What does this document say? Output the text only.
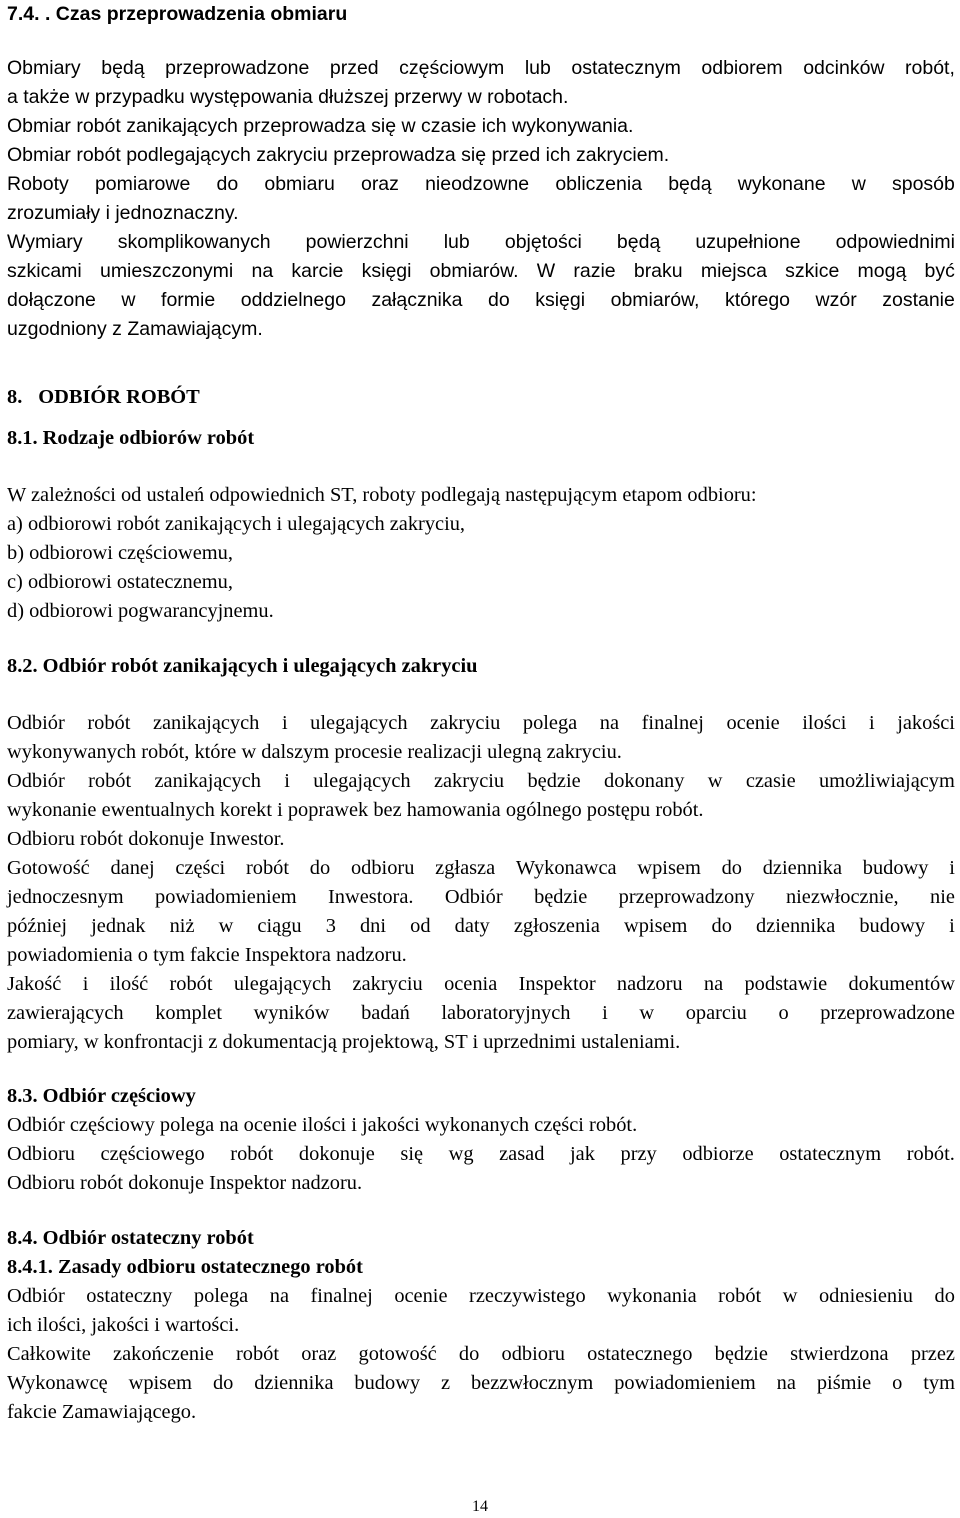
7.4. . Czas przeprowadzenia obmiaru
Obmiary będą przeprowadzone przed częściowym lub ostatecznym odbiorem odcinków robót,
a także w przypadku występowania dłuższej przerwy w robotach.
Obmiar robót zanikających przeprowadza się w czasie ich wykonywania.
Obmiar robót podlegających zakryciu przeprowadza się przed ich zakryciem.
Roboty pomiarowe do obmiaru oraz nieodzowne obliczenia będą wykonane w sposób
zrozumiały i jednoznaczny.
Wymiary skomplikowanych powierzchni lub objętości będą uzupełnione odpowiednimi
szkicami umieszczonymi na karcie księgi obmiarów. W razie braku miejsca szkice mogą być
dołączone w formie oddzielnego załącznika do księgi obmiarów, którego wzór zostanie
uzgodniony z Zamawiającym.
8. ODBIÓR ROBÓT
8.1. Rodzaje odbiorów robót
W zależności od ustaleń odpowiednich ST, roboty podlegają następującym etapom odbioru:
a) odbiorowi robót zanikających i ulegających zakryciu,
b) odbiorowi częściowemu,
c) odbiorowi ostatecznemu,
d) odbiorowi pogwarancyjnemu.
8.2. Odbiór robót zanikających i ulegających zakryciu
Odbiór robót zanikających i ulegających zakryciu polega na finalnej ocenie ilości i jakości
wykonywanych robót, które w dalszym procesie realizacji ulegną zakryciu.
Odbiór robót zanikających i ulegających zakryciu będzie dokonany w czasie umożliwiającym
wykonanie ewentualnych korekt i poprawek bez hamowania ogólnego postępu robót.
Odbioru robót dokonuje Inwestor.
Gotowość danej części robót do odbioru zgłasza Wykonawca wpisem do dziennika budowy i
jednoczesnym powiadomieniem Inwestora. Odbiór będzie przeprowadzony niezwłocznie, nie
później jednak niż w ciągu 3 dni od daty zgłoszenia wpisem do dziennika budowy i
powiadomienia o tym fakcie Inspektora nadzoru.
Jakość i ilość robót ulegających zakryciu ocenia Inspektor nadzoru na podstawie dokumentów
zawierających komplet wyników badań laboratoryjnych i w oparciu o przeprowadzone
pomiary, w konfrontacji z dokumentacją projektową, ST i uprzednimi ustaleniami.
8.3. Odbiór częściowy
Odbiór częściowy polega na ocenie ilości i jakości wykonanych części robót.
Odbioru częściowego robót dokonuje się wg zasad jak przy odbiorze ostatecznym robót.
Odbioru robót dokonuje Inspektor nadzoru.
8.4. Odbiór ostateczny robót
8.4.1. Zasady odbioru ostatecznego robót
Odbiór ostateczny polega na finalnej ocenie rzeczywistego wykonania robót w odniesieniu do
ich ilości, jakości i wartości.
Całkowite zakończenie robót oraz gotowość do odbioru ostatecznego będzie stwierdzona przez
Wykonawcę wpisem do dziennika budowy z bezzwłocznym powiadomieniem na piśmie o tym
fakcie Zamawiającego.
14
